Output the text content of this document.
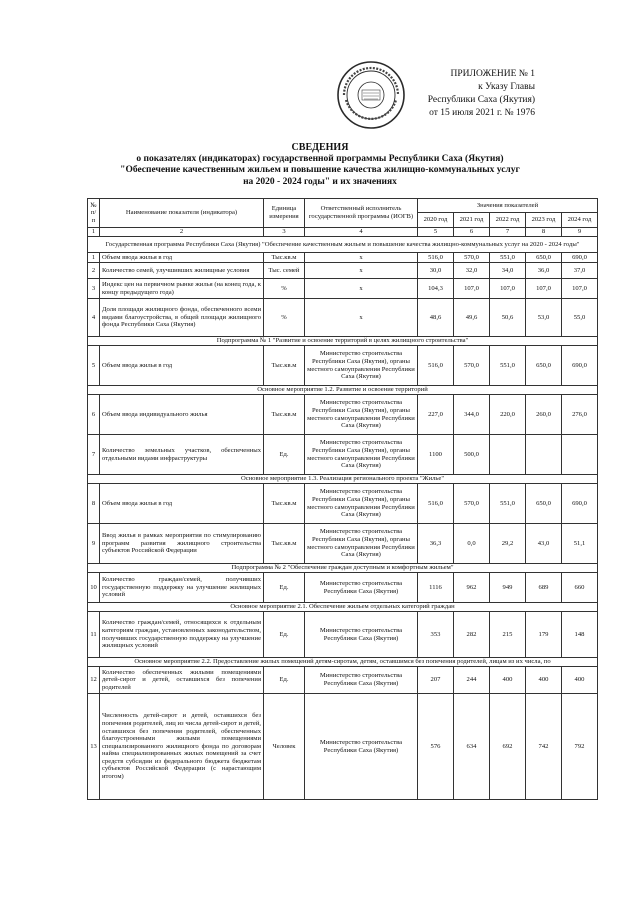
ПРИЛОЖЕНИЕ № 1
к Указу Главы
Республики Саха (Якутия)
от 15 июля 2021 г. № 1976
СВЕДЕНИЯ
о показателях (индикаторах) государственной программы Республики Саха (Якутия)
"Обеспечение качественным жильем и повышение качества жилищно-коммунальных услуг
на 2020 - 2024 годы" и их значениях
№ п/п	Наименование показателя (индикатора)	Единица измерения	Ответственный исполнитель государственной программы (ИОГВ)	Значения показателей				
				2020 год	2021 год	2022 год	2023 год	2024 год
1	2	3	4	5	6	7	8	9
Государственная программа Республики Саха (Якутия) "Обеспечение качественным жильем и повышение качества жилищно-коммунальных услуг на 2020 - 2024 годы"								
1	Объем ввода жилья в год	Тыс.кв.м	х	516,0	570,0	551,0	650,0	690,0
2	Количество семей, улучшивших жилищные условия	Тыс. семей	х	30,0	32,0	34,0	36,0	37,0
3	Индекс цен на первичном рынке жилья (на конец года, к концу предыдущего года)	%	х	104,3	107,0	107,0	107,0	107,0
4	Доля площади жилищного фонда, обеспеченного всеми видами благоустройства, в общей площади жилищного фонда Республики Саха (Якутия)	%	х	48,6	49,6	50,6	53,0	55,0
Подпрограмма № 1 "Развитие и освоение территорий в целях жилищного строительства"								
5	Объем ввода жилья в год	Тыс.кв.м	Министерство строительства Республики Саха (Якутия), органы местного самоуправления Республики Саха (Якутия)	516,0	570,0	551,0	650,0	690,0
Основное мероприятие 1.2. Развитие и освоение территорий								
6	Объем ввода индивидуального жилья	Тыс.кв.м	Министерство строительства Республики Саха (Якутия), органы местного самоуправления Республики Саха (Якутия)	227,0	344,0	220,0	260,0	276,0
7	Количество земельных участков, обеспеченных отдельными видами инфраструктуры	Ед.	Министерство строительства Республики Саха (Якутия), органы местного самоуправления Республики Саха (Якутия)	1100	500,0			
Основное мероприятие 1.3. Реализация регионального проекта "Жилье"								
8	Объем ввода жилья в год	Тыс.кв.м	Министерство строительства Республики Саха (Якутия), органы местного самоуправления Республики Саха (Якутия)	516,0	570,0	551,0	650,0	690,0
9	Ввод жилья в рамках мероприятия по стимулированию программ развития жилищного строительства субъектов Российской Федерации	Тыс.кв.м	Министерство строительства Республики Саха (Якутия), органы местного самоуправления Республики Саха (Якутия)	36,3	0,0	29,2	43,0	51,1
Подпрограмма № 2 "Обеспечение граждан доступным и комфортным жильем"								
10	Количество граждан/семей, получивших государственную поддержку на улучшение жилищных условий	Ед.	Министерство строительства Республики Саха (Якутия)	1116	962	949	689	660
Основное мероприятие 2.1. Обеспечение жильем отдельных категорий граждан								
11	Количество граждан/семей, относящихся к отдельным категориям граждан, установленных законодательством, получивших государственную поддержку на улучшение жилищных условий	Ед.	Министерство строительства Республики Саха (Якутия)	353	282	215	179	148
Основное мероприятие 2.2. Предоставление жилых помещений детям-сиротам, детям, оставшимся без попечения родителей, лицам из их числа, по								
12	Количество обеспеченных жилыми помещениями детей-сирот и детей, оставшихся без попечения родителей	Ед.	Министерство строительства Республики Саха (Якутия)	207	244	400	400	400
13	Численность детей-сирот и детей, оставшихся без попечения родителей, лиц из числа детей-сирот и детей, оставшихся без попечения родителей, обеспеченных благоустроенными жилыми помещениями специализированного жилищного фонда по договорам найма специализированных жилых помещений за счет средств субсидии из федерального бюджета бюджетам субъектов Российской Федерации (с нарастающим итогом)	Человек	Министерство строительства Республики Саха (Якутия)	576	634	692	742	792
